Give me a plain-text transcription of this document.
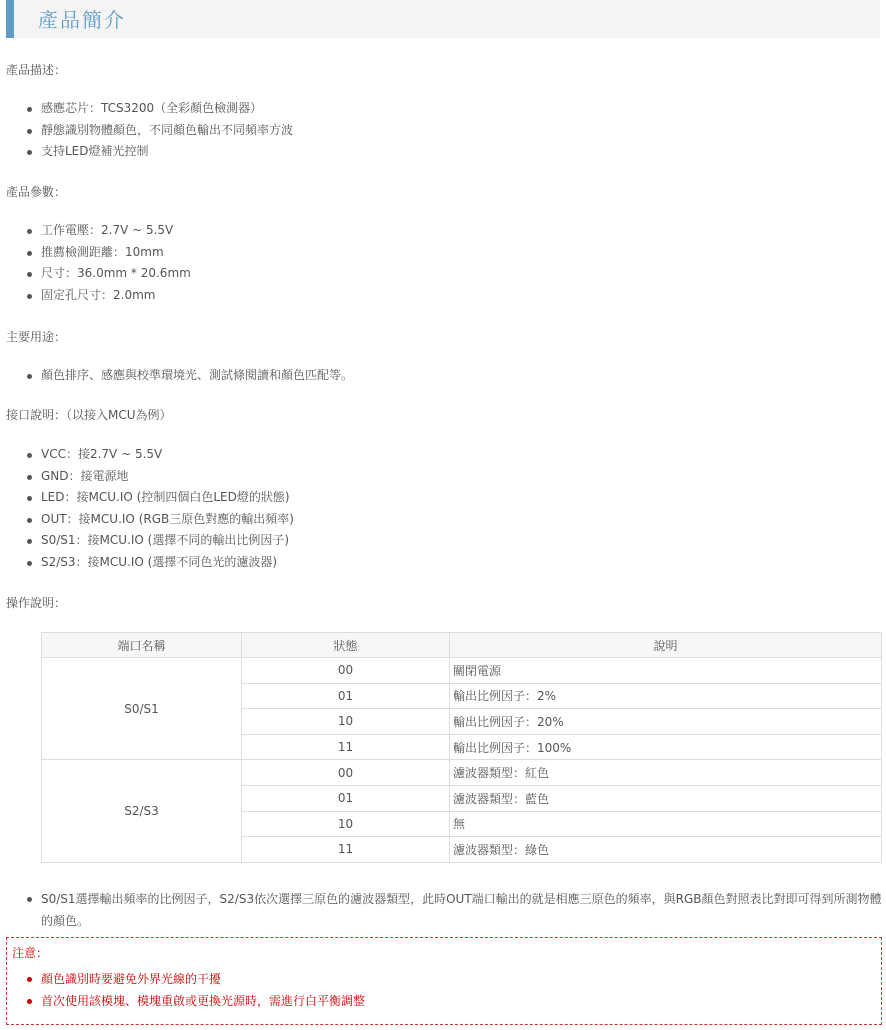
產品簡介
產品描述：
感應芯片：TCS3200（全彩顏色檢測器）
靜態識別物體顏色，不同顏色輸出不同頻率方波
支持LED燈補光控制
產品參數：
工作電壓：2.7V ~ 5.5V
推薦檢測距離：10mm
尺寸：36.0mm * 20.6mm
固定孔尺寸：2.0mm
主要用途：
顏色排序、感應與校準環境光、測試條閱讀和顏色匹配等。
接口說明：（以接入MCU為例）
VCC：接2.7V ~ 5.5V
GND：接電源地
LED：接MCU.IO (控制四個白色LED燈的狀態)
OUT：接MCU.IO (RGB三原色對應的輸出頻率)
S0/S1：接MCU.IO (選擇不同的輸出比例因子)
S2/S3：接MCU.IO (選擇不同色光的濾波器)
操作說明：
端口名稱	狀態	說明
S0/S1	00	關閉電源
	01	輸出比例因子：2%
	10	輸出比例因子：20%
	11	輸出比例因子：100%
S2/S3	00	濾波器類型：紅色
	01	濾波器類型：藍色
	10	無
	11	濾波器類型：綠色
S0/S1選擇輸出頻率的比例因子，S2/S3依次選擇三原色的濾波器類型，此時OUT端口輸出的就是相應三原色的頻率，與RGB顏色對照表比對即可得到所測物體的顏色。
注意：
顏色識別時要避免外界光線的干擾
首次使用該模塊、模塊重啟或更換光源時，需進行白平衡調整
